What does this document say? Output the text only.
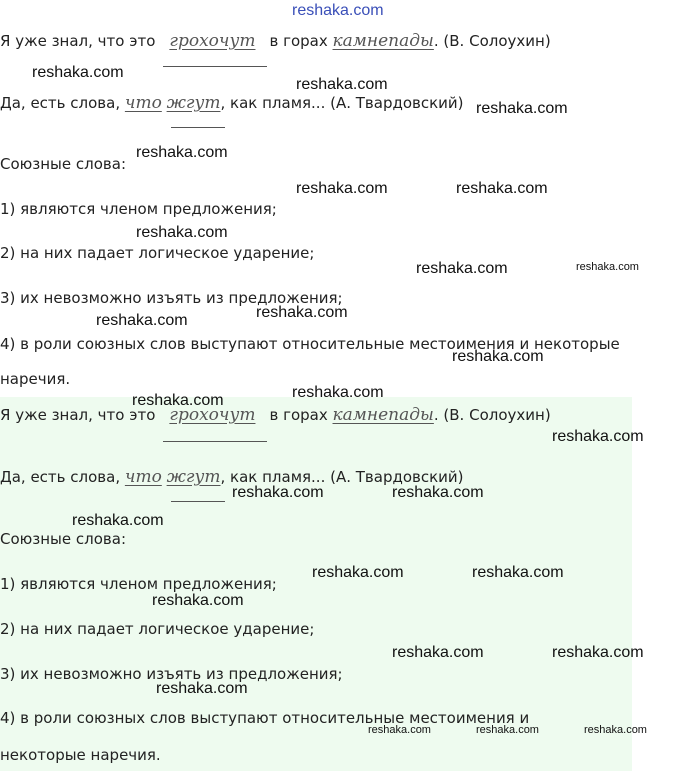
Я уже знал, что это грохочут в горах камнепады. (В. Солоухин)
Да, есть слова, что жгут, как пламя... (А. Твардовский)
Союзные слова:
1) являются членом предложения;
2) на них падает логическое ударение;
3) их невозможно изъять из предложения;
4) в роли союзных слов выступают относительные местоимения и некоторые
наречия.
Я уже знал, что это грохочут в горах камнепады. (В. Солоухин)
Да, есть слова, что жгут, как пламя... (А. Твардовский)
Союзные слова:
1) являются членом предложения;
2) на них падает логическое ударение;
3) их невозможно изъять из предложения;
4) в роли союзных слов выступают относительные местоимения и
некоторые наречия.
reshaka.com
reshaka.com
reshaka.com
reshaka.com
reshaka.com
reshaka.com	reshaka.com
reshaka.com
reshaka.com	reshaka.com
reshaka.com
reshaka.com
reshaka.com
reshaka.com
reshaka.com
reshaka.com
reshaka.com	reshaka.com
reshaka.com
reshaka.com	reshaka.com
reshaka.com
reshaka.com	reshaka.com
reshaka.com
reshaka.com	reshaka.com	reshaka.com
